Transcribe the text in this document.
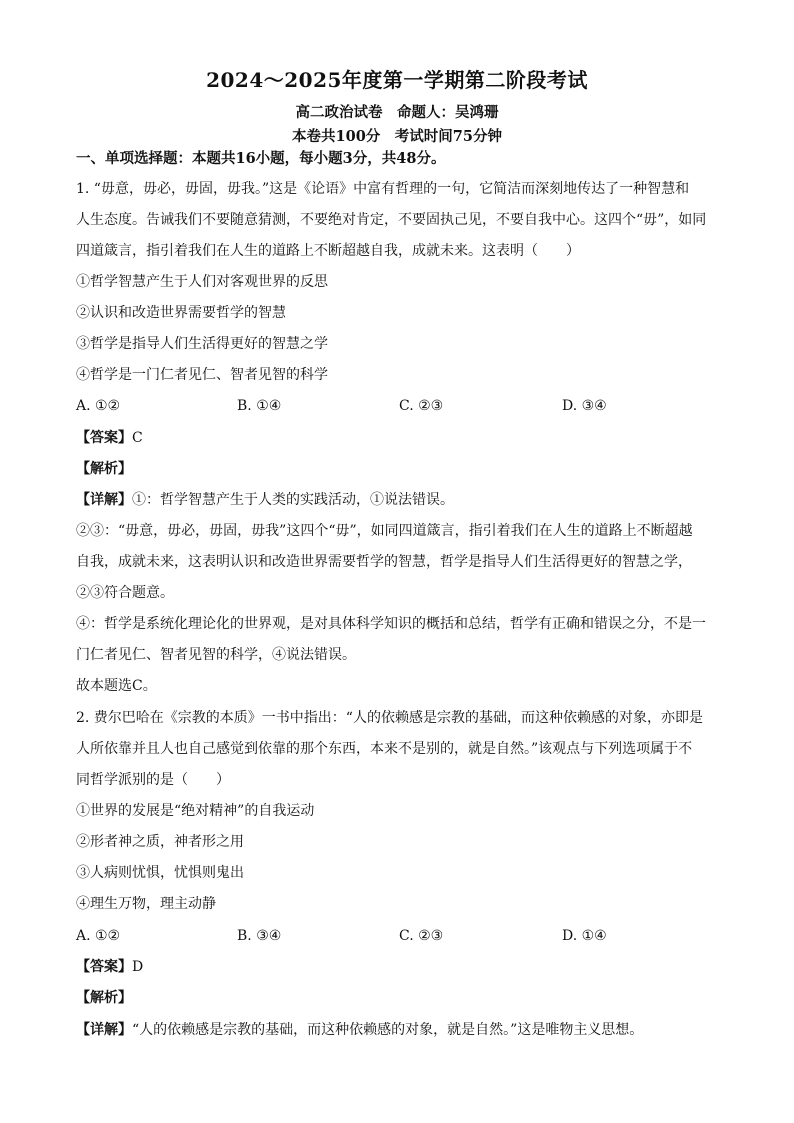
2024～2025年度第一学期第二阶段考试
高二政治试卷　命题人：吴鸿珊
本卷共100分　考试时间75分钟
一、单项选择题：本题共16小题，每小题3分，共48分。
1. “毋意，毋必，毋固，毋我。”这是《论语》中富有哲理的一句，它简洁而深刻地传达了一种智慧和
人生态度。告诫我们不要随意猜测，不要绝对肯定，不要固执己见，不要自我中心。这四个“毋”，如同
四道箴言，指引着我们在人生的道路上不断超越自我，成就未来。这表明（　　）
①哲学智慧产生于人们对客观世界的反思
②认识和改造世界需要哲学的智慧
③哲学是指导人们生活得更好的智慧之学
④哲学是一门仁者见仁、智者见智的科学
A. ①②	B. ①④	C. ②③	D. ③④
【答案】C
【解析】
【详解】①：哲学智慧产生于人类的实践活动，①说法错误。
②③：“毋意，毋必，毋固，毋我”这四个“毋”，如同四道箴言，指引着我们在人生的道路上不断超越
自我，成就未来，这表明认识和改造世界需要哲学的智慧，哲学是指导人们生活得更好的智慧之学，
②③符合题意。
④：哲学是系统化理论化的世界观，是对具体科学知识的概括和总结，哲学有正确和错误之分，不是一
门仁者见仁、智者见智的科学，④说法错误。
故本题选C。
2. 费尔巴哈在《宗教的本质》一书中指出：“人的依赖感是宗教的基础，而这种依赖感的对象，亦即是
人所依靠并且人也自己感觉到依靠的那个东西，本来不是别的，就是自然。”该观点与下列选项属于不
同哲学派别的是（　　）
①世界的发展是“绝对精神”的自我运动
②形者神之质，神者形之用
③人病则忧惧，忧惧则鬼出
④理生万物，理主动静
A. ①②	B. ③④	C. ②③	D. ①④
【答案】D
【解析】
【详解】“人的依赖感是宗教的基础，而这种依赖感的对象，就是自然。”这是唯物主义思想。
